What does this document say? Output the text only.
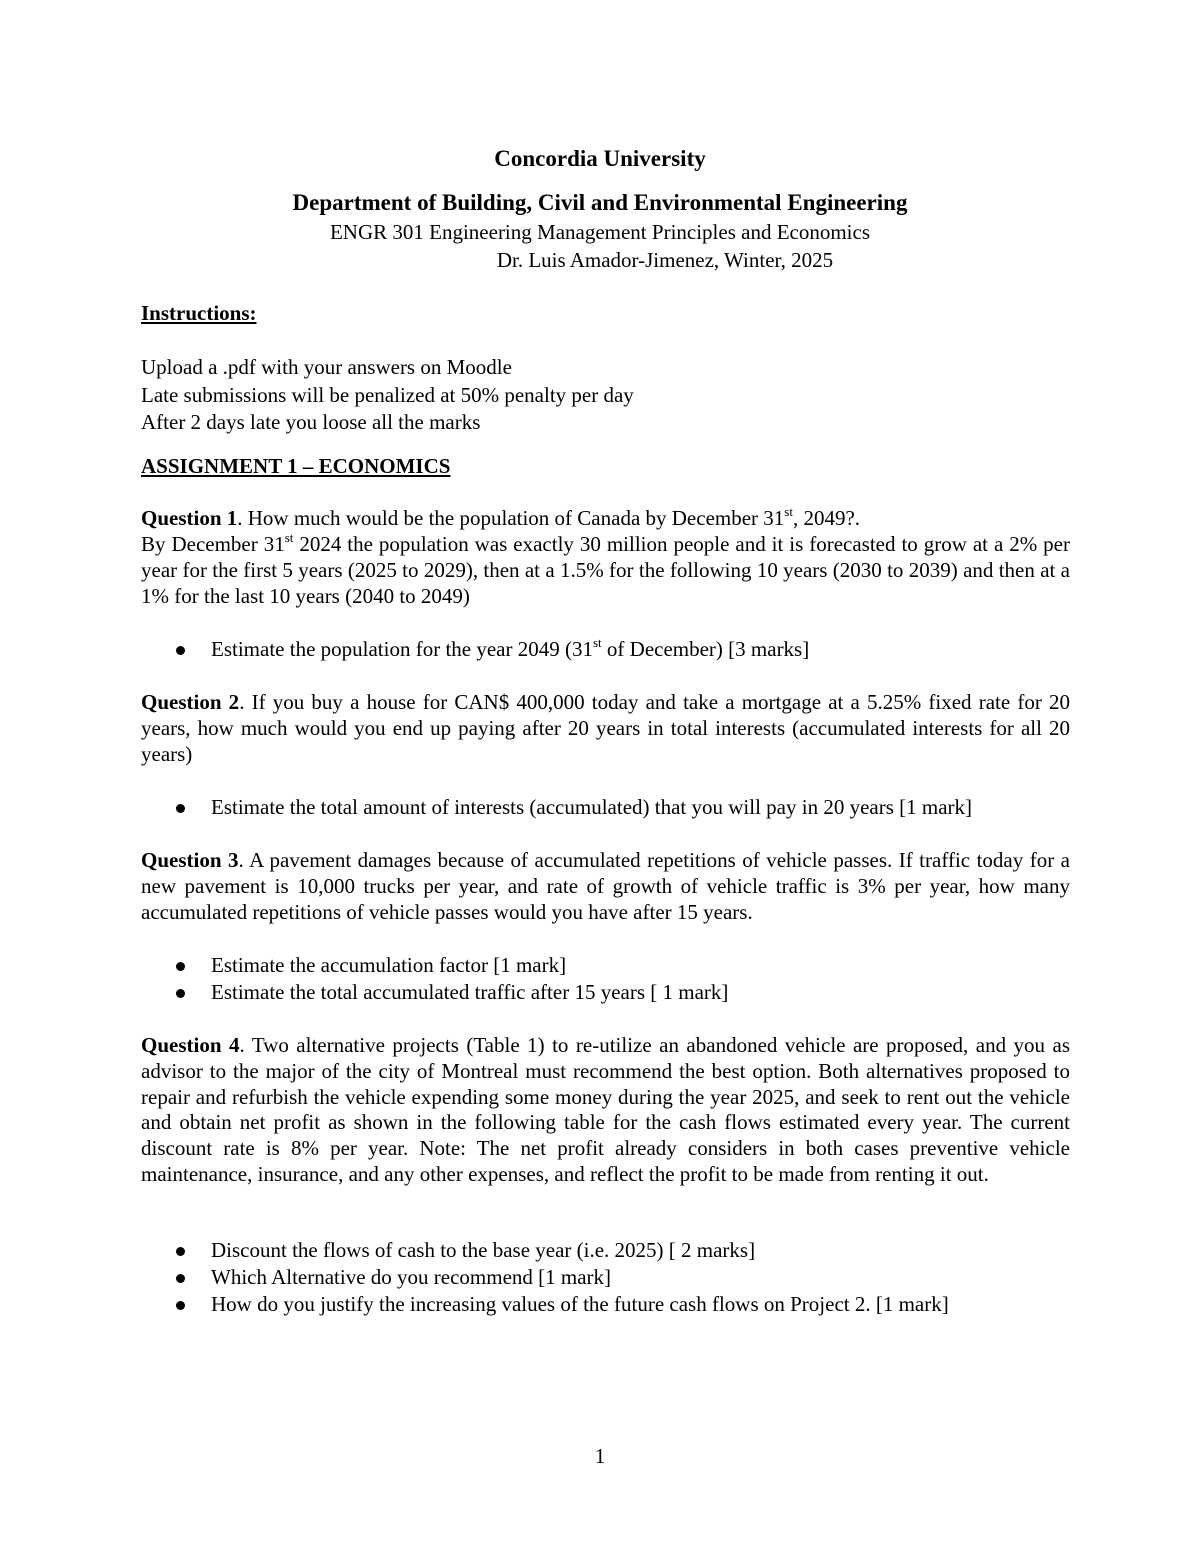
Concordia University
Department of Building, Civil and Environmental Engineering
ENGR 301 Engineering Management Principles and Economics
Dr. Luis Amador-Jimenez, Winter, 2025
Instructions:
Upload a .pdf with your answers on Moodle
Late submissions will be penalized at 50% penalty per day
After 2 days late you loose all the marks
ASSIGNMENT 1 – ECONOMICS
Question 1. How much would be the population of Canada by December 31st, 2049?.
By December 31st 2024 the population was exactly 30 million people and it is forecasted to grow at a 2% per year for the first 5 years (2025 to 2029), then at a 1.5% for the following 10 years (2030 to 2039) and then at a 1% for the last 10 years (2040 to 2049)
Estimate the population for the year 2049 (31st of December) [3 marks]
Question 2. If you buy a house for CAN$ 400,000 today and take a mortgage at a 5.25% fixed rate for 20 years, how much would you end up paying after 20 years in total interests (accumulated interests for all 20 years)
Estimate the total amount of interests (accumulated) that you will pay in 20 years [1 mark]
Question 3. A pavement damages because of accumulated repetitions of vehicle passes. If traffic today for a new pavement is 10,000 trucks per year, and rate of growth of vehicle traffic is 3% per year, how many accumulated repetitions of vehicle passes would you have after 15 years.
Estimate the accumulation factor [1 mark]
Estimate the total accumulated traffic after 15 years [ 1 mark]
Question 4. Two alternative projects (Table 1) to re-utilize an abandoned vehicle are proposed, and you as advisor to the major of the city of Montreal must recommend the best option. Both alternatives proposed to repair and refurbish the vehicle expending some money during the year 2025, and seek to rent out the vehicle and obtain net profit as shown in the following table for the cash flows estimated every year. The current discount rate is 8% per year. Note: The net profit already considers in both cases preventive vehicle maintenance, insurance, and any other expenses, and reflect the profit to be made from renting it out.
Discount the flows of cash to the base year (i.e. 2025) [ 2 marks]
Which Alternative do you recommend [1 mark]
How do you justify the increasing values of the future cash flows on Project 2. [1 mark]
1
